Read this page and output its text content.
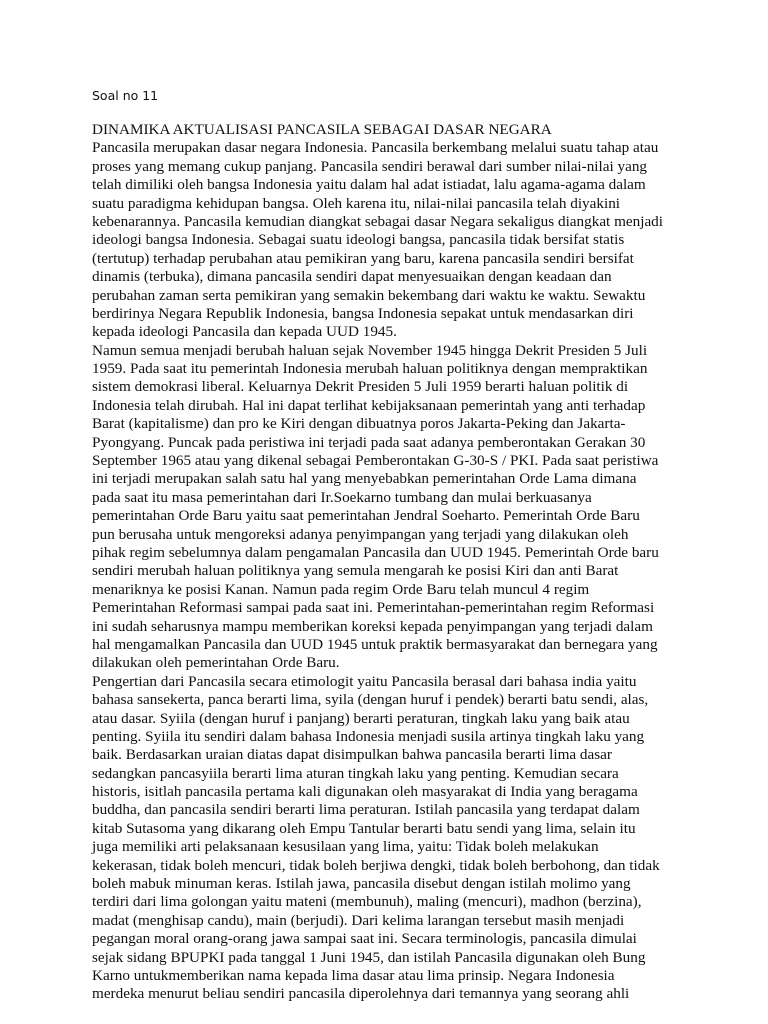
Soal no 11

DINAMIKA AKTUALISASI PANCASILA SEBAGAI DASAR NEGARA
Pancasila merupakan dasar negara Indonesia. Pancasila berkembang melalui suatu tahap atau
proses yang memang cukup panjang. Pancasila sendiri berawal dari sumber nilai-nilai yang
telah dimiliki oleh bangsa Indonesia yaitu dalam hal adat istiadat, lalu agama-agama dalam
suatu paradigma kehidupan bangsa. Oleh karena itu, nilai-nilai pancasila telah diyakini
kebenarannya. Pancasila kemudian diangkat sebagai dasar Negara sekaligus diangkat menjadi
ideologi bangsa Indonesia. Sebagai suatu ideologi bangsa, pancasila tidak bersifat statis
(tertutup) terhadap perubahan atau pemikiran yang baru, karena pancasila sendiri bersifat
dinamis (terbuka), dimana pancasila sendiri dapat menyesuaikan dengan keadaan dan
perubahan zaman serta pemikiran yang semakin bekembang dari waktu ke waktu. Sewaktu
berdirinya Negara Republik Indonesia, bangsa Indonesia sepakat untuk mendasarkan diri
kepada ideologi Pancasila dan kepada UUD 1945.
Namun semua menjadi berubah haluan sejak November 1945 hingga Dekrit Presiden 5 Juli
1959. Pada saat itu pemerintah Indonesia merubah haluan politiknya dengan mempraktikan
sistem demokrasi liberal. Keluarnya Dekrit Presiden 5 Juli 1959 berarti haluan politik di
Indonesia telah dirubah. Hal ini dapat terlihat kebijaksanaan pemerintah yang anti terhadap
Barat (kapitalisme) dan pro ke Kiri dengan dibuatnya poros Jakarta-Peking dan Jakarta-
Pyongyang. Puncak pada peristiwa ini terjadi pada saat adanya pemberontakan Gerakan 30
September 1965 atau yang dikenal sebagai Pemberontakan G-30-S / PKI. Pada saat peristiwa
ini terjadi merupakan salah satu hal yang menyebabkan pemerintahan Orde Lama dimana
pada saat itu masa pemerintahan dari Ir.Soekarno tumbang dan mulai berkuasanya
pemerintahan Orde Baru yaitu saat pemerintahan Jendral Soeharto. Pemerintah Orde Baru
pun berusaha untuk mengoreksi adanya penyimpangan yang terjadi yang dilakukan oleh
pihak regim sebelumnya dalam pengamalan Pancasila dan UUD 1945. Pemerintah Orde baru
sendiri merubah haluan politiknya yang semula mengarah ke posisi Kiri dan anti Barat
menariknya ke posisi Kanan. Namun pada regim Orde Baru telah muncul 4 regim
Pemerintahan Reformasi sampai pada saat ini. Pemerintahan-pemerintahan regim Reformasi
ini sudah seharusnya mampu memberikan koreksi kepada penyimpangan yang terjadi dalam
hal mengamalkan Pancasila dan UUD 1945 untuk praktik bermasyarakat dan bernegara yang
dilakukan oleh pemerintahan Orde Baru.
Pengertian dari Pancasila secara etimologit yaitu Pancasila berasal dari bahasa india yaitu
bahasa sansekerta, panca berarti lima, syila (dengan huruf i pendek) berarti batu sendi, alas,
atau dasar. Syiila (dengan huruf i panjang) berarti peraturan, tingkah laku yang baik atau
penting. Syiila itu sendiri dalam bahasa Indonesia menjadi susila artinya tingkah laku yang
baik. Berdasarkan uraian diatas dapat disimpulkan bahwa pancasila berarti lima dasar
sedangkan pancasyiila berarti lima aturan tingkah laku yang penting. Kemudian secara
historis, isitlah pancasila pertama kali digunakan oleh masyarakat di India yang beragama
buddha, dan pancasila sendiri berarti lima peraturan. Istilah pancasila yang terdapat dalam
kitab Sutasoma yang dikarang oleh Empu Tantular berarti batu sendi yang lima, selain itu
juga memiliki arti pelaksanaan kesusilaan yang lima, yaitu: Tidak boleh melakukan
kekerasan, tidak boleh mencuri, tidak boleh berjiwa dengki, tidak boleh berbohong, dan tidak
boleh mabuk minuman keras. Istilah jawa, pancasila disebut dengan istilah molimo yang
terdiri dari lima golongan yaitu mateni (membunuh), maling (mencuri), madhon (berzina),
madat (menghisap candu), main (berjudi). Dari kelima larangan tersebut masih menjadi
pegangan moral orang-orang jawa sampai saat ini. Secara terminologis, pancasila dimulai
sejak sidang BPUPKI pada tanggal 1 Juni 1945, dan istilah Pancasila digunakan oleh Bung
Karno untukmemberikan nama kepada lima dasar atau lima prinsip. Negara Indonesia
merdeka menurut beliau sendiri pancasila diperolehnya dari temannya yang seorang ahli
